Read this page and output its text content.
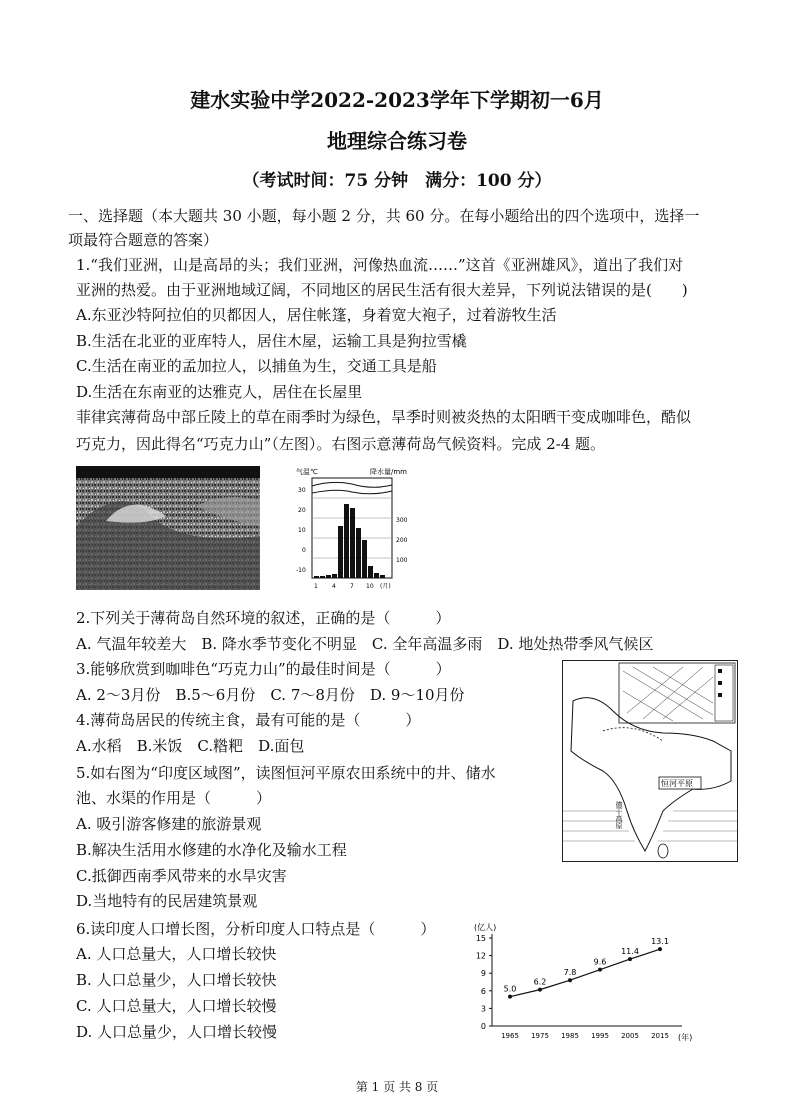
建水实验中学2022-2023学年下学期初一6月
地理综合练习卷
（考试时间：75 分钟　满分：100 分）
一、选择题（本大题共 30 小题，每小题 2 分，共 60 分。在每小题给出的四个选项中，选择一
项最符合题意的答案）
1.“我们亚洲，山是高昂的头；我们亚洲，河像热血流……”这首《亚洲雄风》，道出了我们对
亚洲的热爱。由于亚洲地域辽阔，不同地区的居民生活有很大差异，下列说法错误的是(　　)
A.东亚沙特阿拉伯的贝都因人，居住帐篷，身着宽大袍子，过着游牧生活
B.生活在北亚的亚库特人，居住木屋，运输工具是狗拉雪橇
C.生活在南亚的孟加拉人，以捕鱼为生，交通工具是船
D.生活在东南亚的达雅克人，居住在长屋里
菲律宾薄荷岛中部丘陵上的草在雨季时为绿色，旱季时则被炎热的太阳晒干变成咖啡色，酷似
巧克力，因此得名“巧克力山”（左图）。右图示意薄荷岛气候资料。完成 2-4 题。
气温℃	降水量/mm
30
20
10
0
-10
300
200
100
1 4 7 10 (月)
2.下列关于薄荷岛自然环境的叙述，正确的是（　　　）
A. 气温年较差大　B. 降水季节变化不明显　C. 全年高温多雨　D. 地处热带季风气候区
3.能够欣赏到咖啡色“巧克力山”的最佳时间是（　　　）
A. 2～3月份　B.5～6月份　C. 7～8月份　D. 9～10月份
4.薄荷岛居民的传统主食，最有可能的是（　　　）
A.水稻　B.米饭　C.糌粑　D.面包
5.如右图为“印度区域图”，读图恒河平原农田系统中的井、储水
池、水渠的作用是（　　　）
A. 吸引游客修建的旅游景观
B.解决生活用水修建的水净化及输水工程
C.抵御西南季风带来的水旱灾害
D.当地特有的民居建筑景观
恒河平原
德干高原
6.读印度人口增长图，分析印度人口特点是（　　　）
A. 人口总量大，人口增长较快
B. 人口总量少，人口增长较快
C. 人口总量大，人口增长较慢
D. 人口总量少，人口增长较慢
(亿人)
(年)
0
3
6
9
12
15
5.0
1965
6.2
1975
7.8
1985
9.6
1995
11.4
2005
13.1
2015
第 1 页 共 8 页
